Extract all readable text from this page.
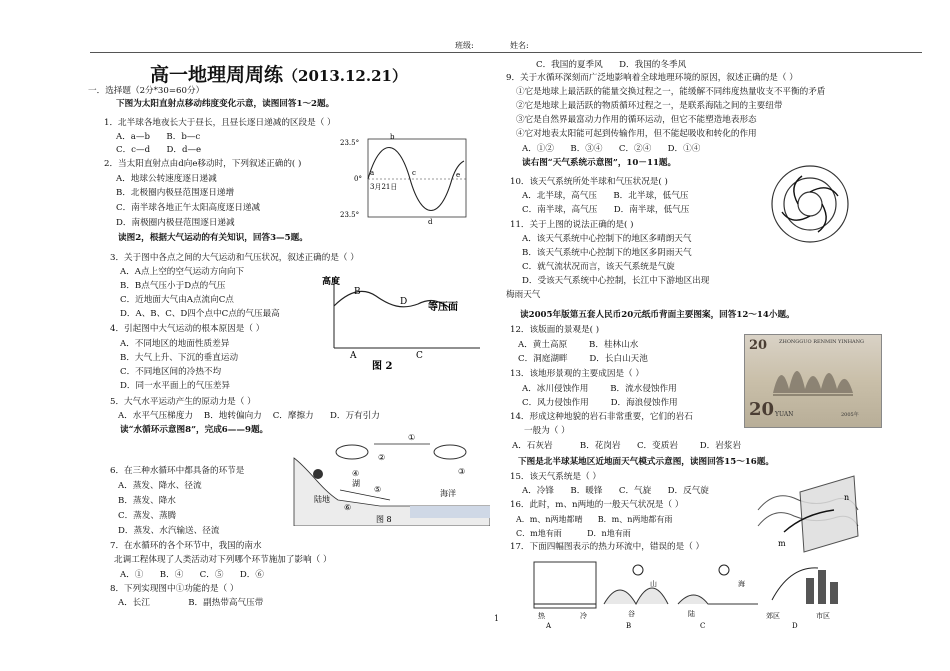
班级:	姓名:
高一地理周周练（2013.12.21）
一．选择题（2分*30=60分）
下图为太阳直射点移动纬度变化示意，读图回答1～2题。
1．北半球各地夜长大于昼长，且昼长逐日递减的区段是（ ）
A．a—b      B．b—c
C．c—d      D．d—e
2．当太阳直射点由d向e移动时，下列叙述正确的( )
A．地球公转速度逐日递减
B．北极圈内极昼范围逐日递增
C．南半球各地正午太阳高度逐日递减
D．南极圈内极昼范围逐日递减
读图2，根据大气运动的有关知识，回答3—5题。
3．关于图中各点之间的大气运动和气压状况，叙述正确的是（ ）
A．A点上空的空气运动方向向下
B．B点气压小于D点的气压
C．近地面大气由A点流向C点
D．A、B、C、D四个点中C点的气压最高
4．引起图中大气运动的根本原因是（ ）
A．不同地区的地面性质差异
B．大气上升、下沉的垂直运动
C．不同地区间的冷热不均
D．同一水平面上的气压差异
5．大气水平运动产生的原动力是（ ）
A．水平气压梯度力    B．地转偏向力    C．摩擦力      D．万有引力
读“水循环示意图8”，完成6——9题。
6．在三种水循环中都具备的环节是
A．蒸发、降水、径流
B．蒸发、降水
C．蒸发、蒸腾
D．蒸发、水汽输送、径流
7．在水循环的各个环节中，我国的南水
北调工程体现了人类活动对下列哪个环节施加了影响（ ）
A．①      B．④      C．⑤      D．⑥
8．下列实现图中①功能的是（ ）
A．长江              B．副热带高气压带
C．我国的夏季风      D．我国的冬季风
9．关于水循环深刻而广泛地影响着全球地理环境的原因，叙述正确的是（ ）
①它是地球上最活跃的能量交换过程之一，能缓解不同纬度热量收支不平衡的矛盾
②它是地球上最活跃的物质循环过程之一，是联系海陆之间的主要纽带
③它是自然界最富动力作用的循环运动，但它不能塑造地表形态
④它对地表太阳能可起到传输作用，但不能起吸收和转化的作用
A．①②      B．③④      C．②④      D．①④
读右图“天气系统示意图”，10－11题。
10．该天气系统所处半球和气压状况是( )
A．北半球，高气压      B．北半球，低气压
C．南半球，高气压      D．南半球，低气压
11．关于上图的说法正确的是( )
A．该天气系统中心控制下的地区多晴朗天气
B．该天气系统中心控制下的地区多阴雨天气
C．就气流状况而言，该天气系统是气旋
D．受该天气系统中心控制，长江中下游地区出现
梅雨天气
读2005年版第五套人民币20元纸币背面主要图案，回答12～14小题。
12．该版面的景观是( )
A．黄土高原        B．桂林山水
C．洞庭湖畔        D．长白山天池
13．该地形景观的主要成因是（ ）
A．冰川侵蚀作用        B．流水侵蚀作用
C．风力侵蚀作用        D．海浪侵蚀作用
14．形成这种地貌的岩石非常重要，它们的岩石
一般为（ ）
A．石灰岩          B．花岗岩      C．变质岩        D．岩浆岩
下图是北半球某地区近地面天气模式示意图，读图回答15～16题。
15．该天气系统是（ ）
A．冷锋      B．暖锋      C．气旋      D．反气旋
16．此时，m、n两地的一般天气状况是（ ）
A．m、n两地都晴      B．m、n两地都有雨
C．m地有雨          D．n地有雨
17．下面四幅图表示的热力环流中，错误的是（ ）
23.5°
0°
23.5°
3月21日
a
b
c
d
e
高度
B
D 等压面
A	C
图 2
①
②
③
④
⑤
⑥
陆地
湖
海洋
图 8
20 ZHONGGUO RENMIN YINHANG
20 YUAN	2005年
m
n
热	冷
A
山
谷
B
陆
海
C
郊区	市区
D
1
